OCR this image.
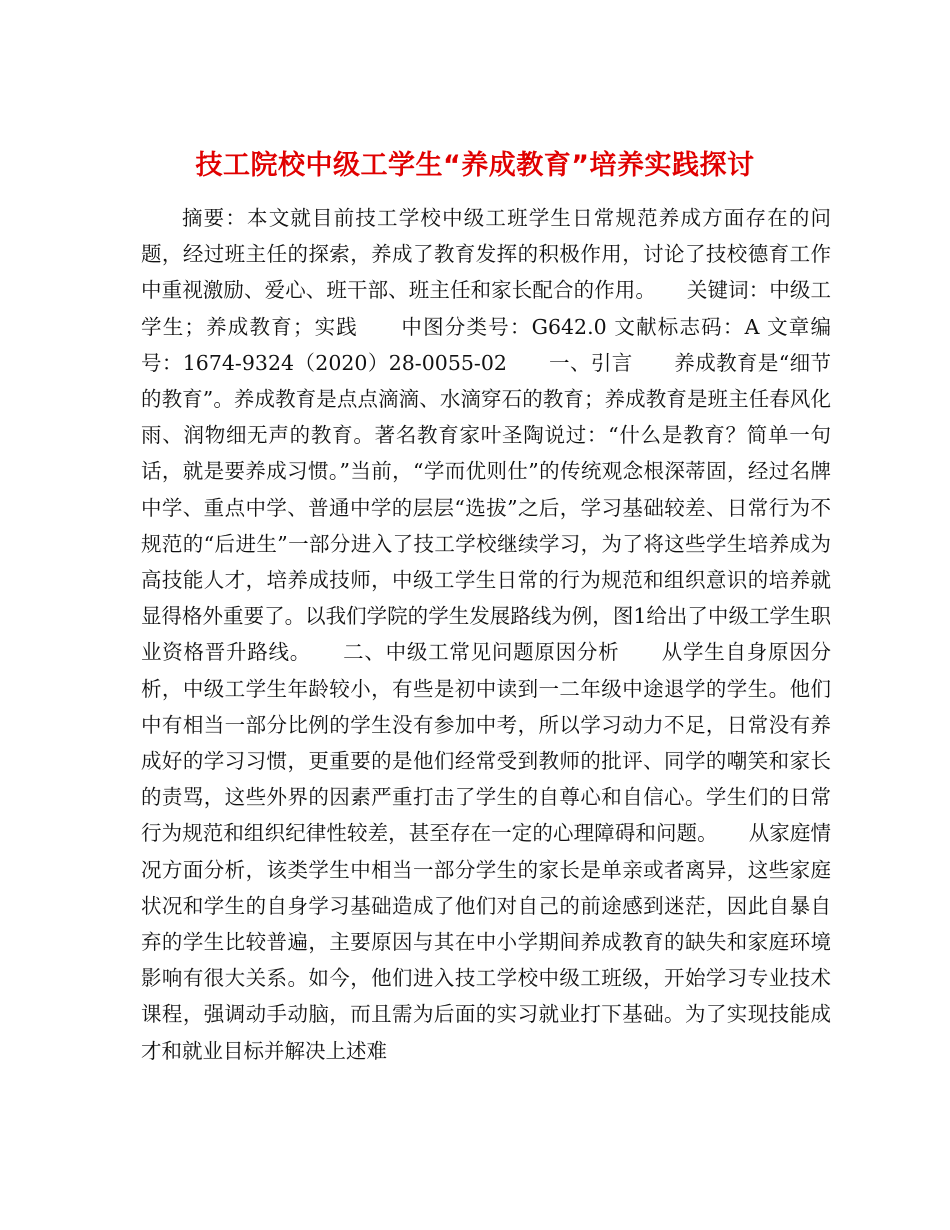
技工院校中级工学生“养成教育”培养实践探讨

摘要：本文就目前技工学校中级工班学生日常规范养成方面存在的问题，经过班主任的探索，养成了教育发挥的积极作用，讨论了技校德育工作中重视激励、爱心、班干部、班主任和家长配合的作用。　　关键词：中级工学生；养成教育；实践　　中图分类号：G642.0 文献标志码：A 文章编号：1674-9324（2020）28-0055-02　　一、引言　　养成教育是“细节的教育”。养成教育是点点滴滴、水滴穿石的教育；养成教育是班主任春风化雨、润物细无声的教育。著名教育家叶圣陶说过：“什么是教育？简单一句话，就是要养成习惯。”当前，“学而优则仕”的传统观念根深蒂固，经过名牌中学、重点中学、普通中学的层层“选拔”之后，学习基础较差、日常行为不规范的“后进生”一部分进入了技工学校继续学习，为了将这些学生培养成为高技能人才，培养成技师，中级工学生日常的行为规范和组织意识的培养就显得格外重要了。以我们学院的学生发展路线为例，图1给出了中级工学生职业资格晋升路线。　　二、中级工常见问题原因分析　　从学生自身原因分析，中级工学生年龄较小，有些是初中读到一二年级中途退学的学生。他们中有相当一部分比例的学生没有参加中考，所以学习动力不足，日常没有养成好的学习习惯，更重要的是他们经常受到教师的批评、同学的嘲笑和家长的责骂，这些外界的因素严重打击了学生的自尊心和自信心。学生们的日常行为规范和组织纪律性较差，甚至存在一定的心理障碍和问题。　　从家庭情况方面分析，该类学生中相当一部分学生的家长是单亲或者离异，这些家庭状况和学生的自身学习基础造成了他们对自己的前途感到迷茫，因此自暴自弃的学生比较普遍，主要原因与其在中小学期间养成教育的缺失和家庭环境影响有很大关系。如今，他们进入技工学校中级工班级，开始学习专业技术课程，强调动手动脑，而且需为后面的实习就业打下基础。为了实现技能成才和就业目标并解决上述难
